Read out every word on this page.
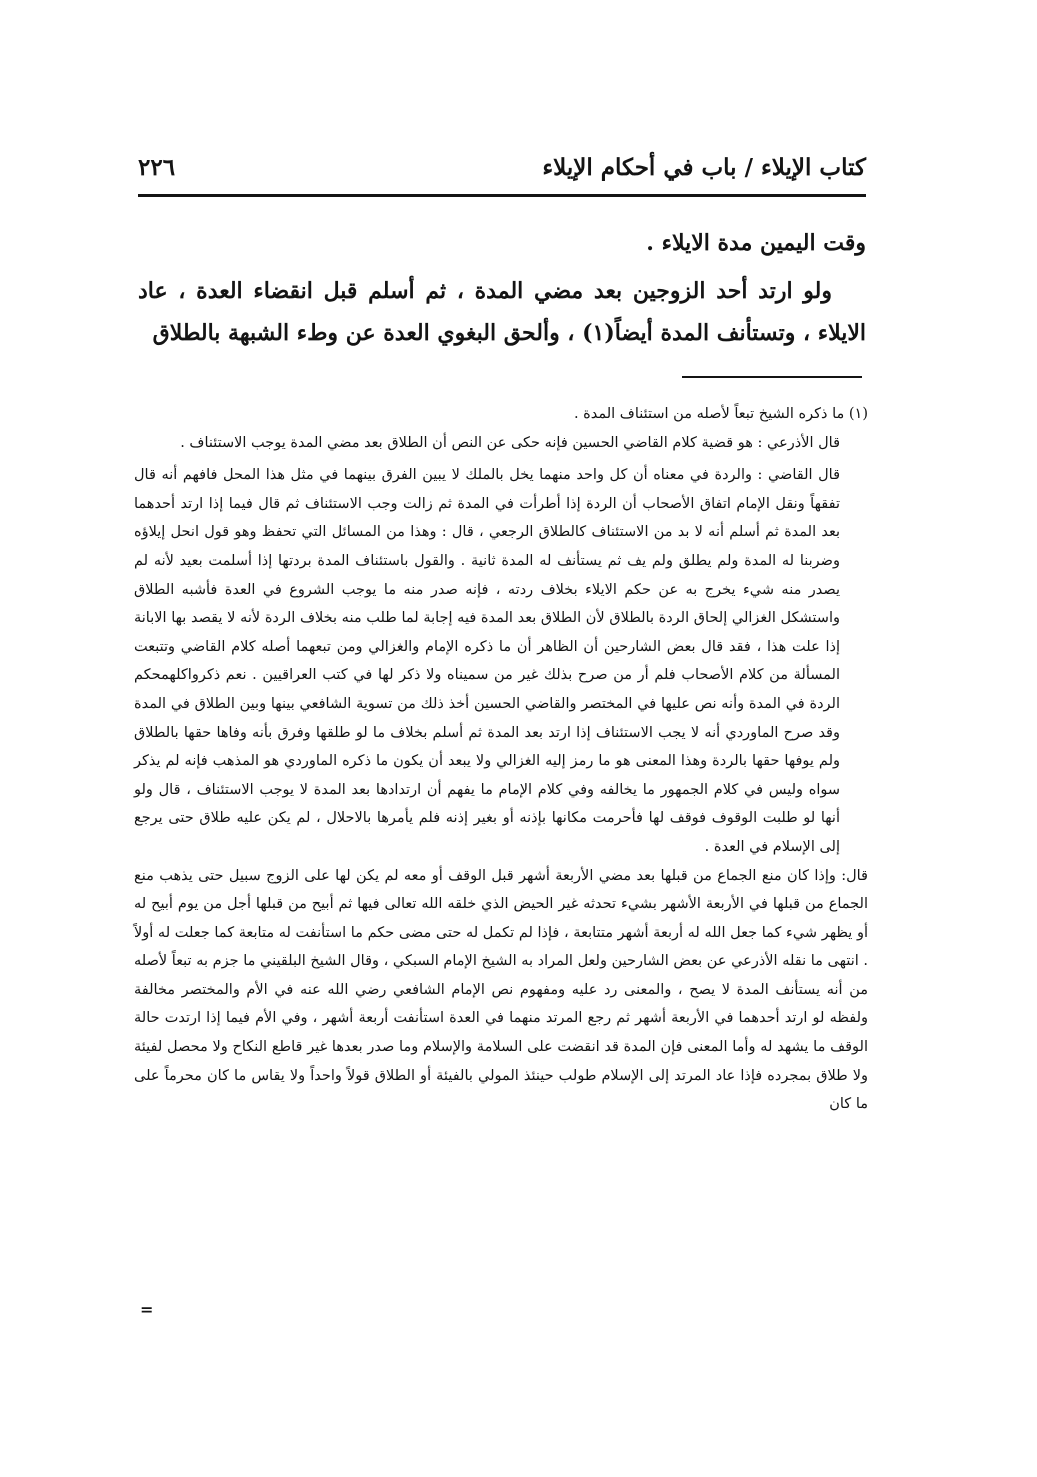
كتاب الإيلاء / باب في أحكام الإيلاء
٢٢٦

وقت اليمين مدة الايلاء .

ولو ارتد أحد الزوجين بعد مضي المدة ، ثم أسلم قبل انقضاء العدة ، عاد الايلاء ، وتستأنف المدة أيضاً(١) ، وألحق البغوي العدة عن وطء الشبهة بالطلاق

(١) ما ذكره الشيخ تبعاً لأصله من استئناف المدة .

قال الأذرعي : هو قضية كلام القاضي الحسين فإنه حكى عن النص أن الطلاق بعد مضي المدة يوجب الاستئناف .

قال القاضي : والردة في معناه أن كل واحد منهما يخل بالملك لا يبين الفرق بينهما في مثل هذا المحل فافهم أنه قال تفقهاً ونقل الإمام اتفاق الأصحاب أن الردة إذا أطرأت في المدة ثم زالت وجب الاستئناف ثم قال فيما إذا ارتد أحدهما بعد المدة ثم أسلم أنه لا بد من الاستئناف كالطلاق الرجعي ، قال : وهذا من المسائل التي تحفظ وهو قول انحل إيلاؤه وضربنا له المدة ولم يطلق ولم يف ثم يستأنف له المدة ثانية . والقول باستئناف المدة بردتها إذا أسلمت بعيد لأنه لم يصدر منه شيء يخرج به عن حكم الايلاء بخلاف ردته ، فإنه صدر منه ما يوجب الشروع في العدة فأشبه الطلاق واستشكل الغزالي إلحاق الردة بالطلاق لأن الطلاق بعد المدة فيه إجابة لما طلب منه بخلاف الردة لأنه لا يقصد بها الابانة إذا علت هذا ، فقد قال بعض الشارحين أن الظاهر أن ما ذكره الإمام والغزالي ومن تبعهما أصله كلام القاضي وتتبعت المسألة من كلام الأصحاب فلم أر من صرح بذلك غير من سميناه ولا ذكر لها في كتب العراقيين . نعم ذكرواكلهمحكم الردة في المدة وأنه نص عليها في المختصر والقاضي الحسين أخذ ذلك من تسوية الشافعي بينها وبين الطلاق في المدة وقد صرح الماوردي أنه لا يجب الاستئناف إذا ارتد بعد المدة ثم أسلم بخلاف ما لو طلقها وفرق بأنه وفاها حقها بالطلاق ولم يوفها حقها بالردة وهذا المعنى هو ما رمز إليه الغزالي ولا يبعد أن يكون ما ذكره الماوردي هو المذهب فإنه لم يذكر سواه وليس في كلام الجمهور ما يخالفه وفي كلام الإمام ما يفهم أن ارتدادها بعد المدة لا يوجب الاستئناف ، قال ولو أنها لو طلبت الوقوف فوقف لها فأحرمت مكانها بإذنه أو بغير إذنه فلم يأمرها بالاحلال ، لم يكن عليه طلاق حتى يرجع إلى الإسلام في العدة .

قال: وإذا كان منع الجماع من قبلها بعد مضي الأربعة أشهر قبل الوقف أو معه لم يكن لها على الزوج سبيل حتى يذهب منع الجماع من قبلها في الأربعة الأشهر بشيء تحدثه غير الحيض الذي خلقه الله تعالى فيها ثم أبيح من قبلها أجل من يوم أبيح له أو يظهر شيء كما جعل الله له أربعة أشهر متتابعة ، فإذا لم تكمل له حتى مضى حكم ما استأنفت له متابعة كما جعلت له أولاً . انتهى ما نقله الأذرعي عن بعض الشارحين ولعل المراد به الشيخ الإمام السبكي ، وقال الشيخ البلقيني ما جزم به تبعاً لأصله من أنه يستأنف المدة لا يصح ، والمعنى رد عليه ومفهوم نص الإمام الشافعي رضي الله عنه في الأم والمختصر مخالفة ولفظه لو ارتد أحدهما في الأربعة أشهر ثم رجع المرتد منهما في العدة استأنفت أربعة أشهر ، وفي الأم فيما إذا ارتدت حالة الوقف ما يشهد له وأما المعنى فإن المدة قد انقضت على السلامة والإسلام وما صدر بعدها غير قاطع النكاح ولا محصل لفيئة ولا طلاق بمجرده فإذا عاد المرتد إلى الإسلام طولب حينئذ المولي بالفيئة أو الطلاق قولاً واحداً ولا يقاس ما كان محرماً على ما كان

=
